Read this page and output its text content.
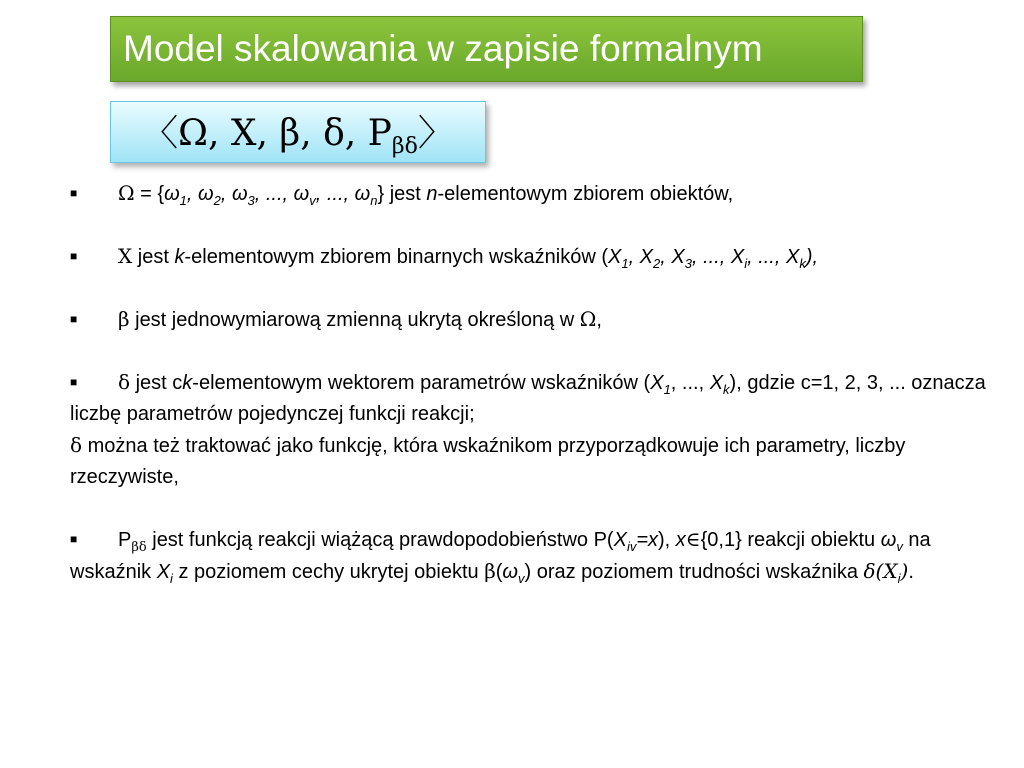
Model skalowania w zapisie formalnym
〈Ω, Χ, β, δ, $P_{\beta\delta}$〉

■ $\Omega = \{\omega_1$, $\omega_2$, $\omega_3$, ..., $\omega_v$, ..., $\omega_n$} jest n-elementowym zbiorem obiektów,

■ Χ jest k-elementowym zbiorem binarnych wskaźników ($X_1$, $X_2$, $X_3$, ..., $X_i$, ..., $X_k$),

■ β jest jednowymiarową zmienną ukrytą określoną w Ω,

■ δ jest ck-elementowym wektorem parametrów wskaźników ($X_1$, ..., $X_k$), gdzie c=1, 2, 3, ... oznacza liczbę parametrów pojedynczej funkcji reakcji;
δ można też traktować jako funkcję, która wskaźnikom przyporządkowuje ich parametry, liczby rzeczywiste,

■ $P_{\beta\delta}$ jest funkcją reakcji wiążącą prawdopodobieństwo $P(X_{iv}=x)$, x∈{0,1} reakcji obiektu $\omega_v$ na wskaźnik $X_i$ z poziomem cechy ukrytej obiektu $\beta(\omega_v)$ oraz poziomem trudności wskaźnika $\delta(X_i)$.
